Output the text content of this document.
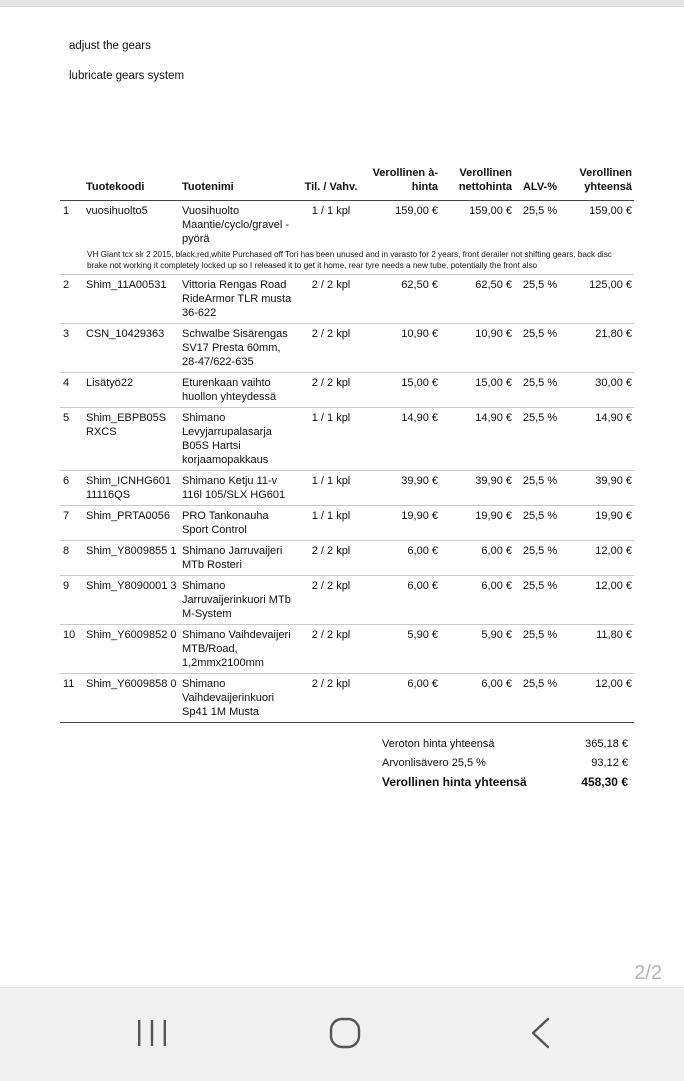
adjust the gears
lubricate gears system
	Tuotekoodi	Tuotenimi	Til. / Vahv.	Verollinen à-hinta	Verollinen nettohinta	ALV-%	Verollinen yhteensä
1	vuosihuolto5	Vuosihuolto Maantie/cyclo/gravel -pyörä	1 / 1 kpl	159,00 €	159,00 €	25,5 %	159,00 €
VH Giant tcx slr 2 2015, black,red,white Purchased off Tori has been unused and in varasto for 2 years, front derailer not shifting gears, back disc brake not working it completely locked up so I released it to get it home, rear tyre needs a new tube, potentially the front also							
2	Shim_11A00531	Vittoria Rengas Road RideArmor TLR musta 36-622	2 / 2 kpl	62,50 €	62,50 €	25,5 %	125,00 €
3	CSN_10429363	Schwalbe Sisärengas SV17 Presta 60mm, 28-47/622-635	2 / 2 kpl	10,90 €	10,90 €	25,5 %	21,80 €
4	Lisätyö22	Eturenkaan vaihto huollon yhteydessä	2 / 2 kpl	15,00 €	15,00 €	25,5 %	30,00 €
5	Shim_EBPB05S RXCS	Shimano Levyjarrupalasarja B05S Hartsi korjaamopakkaus	1 / 1 kpl	14,90 €	14,90 €	25,5 %	14,90 €
6	Shim_ICNHG601 11116QS	Shimano Ketju 11-v 116l 105/SLX HG601	1 / 1 kpl	39,90 €	39,90 €	25,5 %	39,90 €
7	Shim_PRTA0056	PRO Tankonauha Sport Control	1 / 1 kpl	19,90 €	19,90 €	25,5 %	19,90 €
8	Shim_Y8009855 1	Shimano Jarruvaijeri MTb Rosteri	2 / 2 kpl	6,00 €	6,00 €	25,5 %	12,00 €
9	Shim_Y8090001 3	Shimano Jarruvaijerinkuori MTb M-System	2 / 2 kpl	6,00 €	6,00 €	25,5 %	12,00 €
10	Shim_Y6009852 0	Shimano Vaihdevaijeri MTB/Road, 1,2mmx2100mm	2 / 2 kpl	5,90 €	5,90 €	25,5 %	11,80 €
11	Shim_Y6009858 0	Shimano Vaihdevaijerinkuori Sp41 1M Musta	2 / 2 kpl	6,00 €	6,00 €	25,5 %	12,00 €

Veroton hinta yhteensä	365,18 €
Arvonlisävero 25,5 %	93,12 €
Verollinen hinta yhteensä	458,30 €
2/2
